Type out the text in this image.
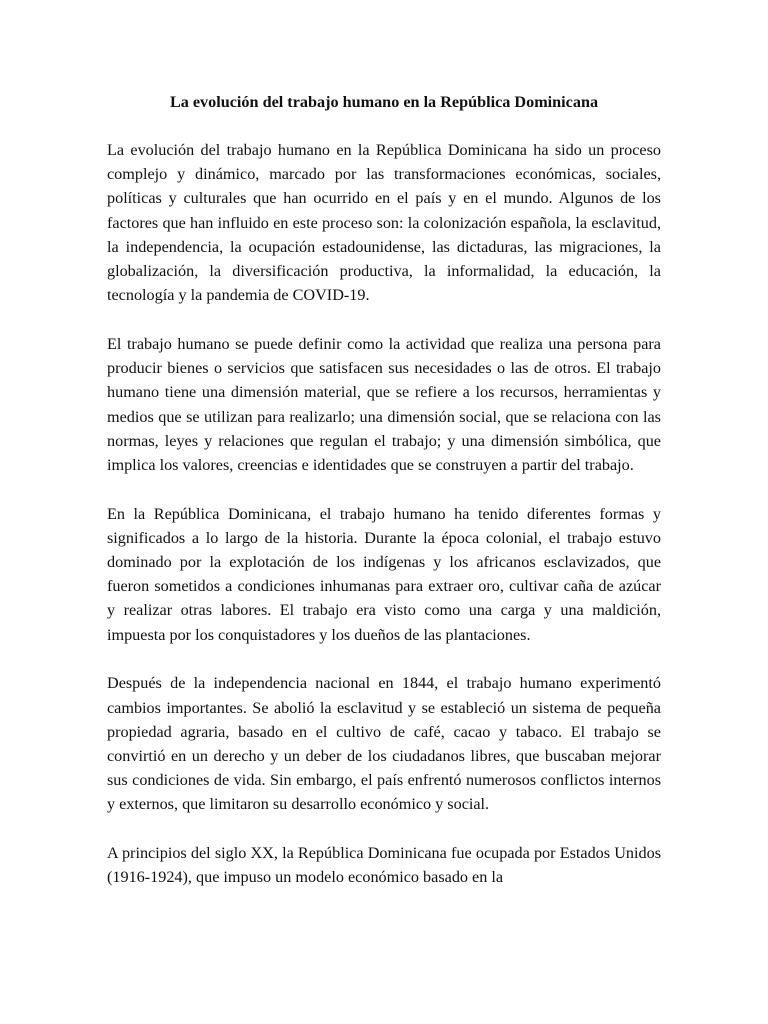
La evolución del trabajo humano en la República Dominicana

La evolución del trabajo humano en la República Dominicana ha sido un proceso complejo y dinámico, marcado por las transformaciones económicas, sociales, políticas y culturales que han ocurrido en el país y en el mundo. Algunos de los factores que han influido en este proceso son: la colonización española, la esclavitud, la independencia, la ocupación estadounidense, las dictaduras, las migraciones, la globalización, la diversificación productiva, la informalidad, la educación, la tecnología y la pandemia de COVID-19.

El trabajo humano se puede definir como la actividad que realiza una persona para producir bienes o servicios que satisfacen sus necesidades o las de otros. El trabajo humano tiene una dimensión material, que se refiere a los recursos, herramientas y medios que se utilizan para realizarlo; una dimensión social, que se relaciona con las normas, leyes y relaciones que regulan el trabajo; y una dimensión simbólica, que implica los valores, creencias e identidades que se construyen a partir del trabajo.

En la República Dominicana, el trabajo humano ha tenido diferentes formas y significados a lo largo de la historia. Durante la época colonial, el trabajo estuvo dominado por la explotación de los indígenas y los africanos esclavizados, que fueron sometidos a condiciones inhumanas para extraer oro, cultivar caña de azúcar y realizar otras labores. El trabajo era visto como una carga y una maldición, impuesta por los conquistadores y los dueños de las plantaciones.

Después de la independencia nacional en 1844, el trabajo humano experimentó cambios importantes. Se abolió la esclavitud y se estableció un sistema de pequeña propiedad agraria, basado en el cultivo de café, cacao y tabaco. El trabajo se convirtió en un derecho y un deber de los ciudadanos libres, que buscaban mejorar sus condiciones de vida. Sin embargo, el país enfrentó numerosos conflictos internos y externos, que limitaron su desarrollo económico y social.

A principios del siglo XX, la República Dominicana fue ocupada por Estados Unidos (1916-1924), que impuso un modelo económico basado en la
